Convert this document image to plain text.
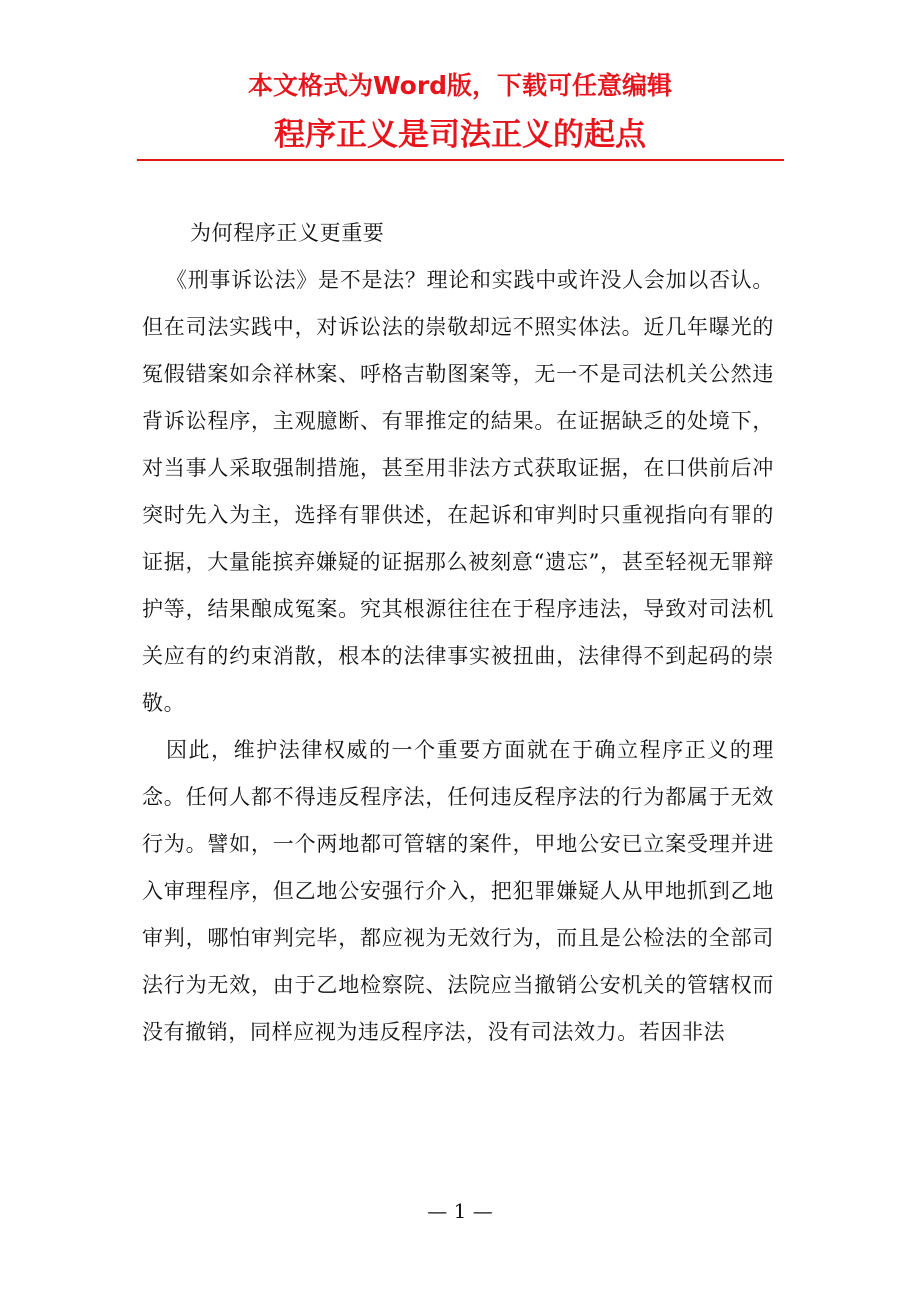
本文格式为Word版，下载可任意编辑
程序正义是司法正义的起点

为何程序正义更重要

《刑事诉讼法》是不是法？理论和实践中或许没人会加以否认。但在司法实践中，对诉讼法的崇敬却远不照实体法。近几年曝光的冤假错案如佘祥林案、呼格吉勒图案等，无一不是司法机关公然违背诉讼程序，主观臆断、有罪推定的結果。在证据缺乏的处境下，对当事人采取强制措施，甚至用非法方式获取证据，在口供前后冲突时先入为主，选择有罪供述，在起诉和审判时只重视指向有罪的证据，大量能摈弃嫌疑的证据那么被刻意“遗忘”，甚至轻视无罪辩护等，结果酿成冤案。究其根源往往在于程序违法，导致对司法机关应有的约束消散，根本的法律事实被扭曲，法律得不到起码的崇敬。

因此，维护法律权威的一个重要方面就在于确立程序正义的理念。任何人都不得违反程序法，任何违反程序法的行为都属于无效行为。譬如，一个两地都可管辖的案件，甲地公安已立案受理并进入审理程序，但乙地公安强行介入，把犯罪嫌疑人从甲地抓到乙地审判，哪怕审判完毕，都应视为无效行为，而且是公检法的全部司法行为无效，由于乙地检察院、法院应当撤销公安机关的管辖权而没有撤销，同样应视为违反程序法，没有司法效力。若因非法

— 1 —
